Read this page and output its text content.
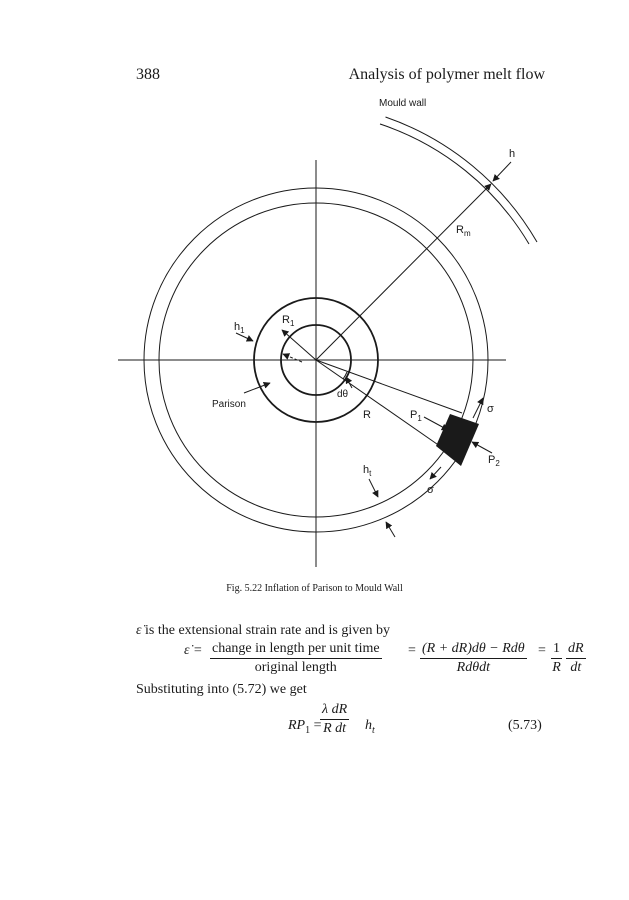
388	Analysis of polymer melt flow
Mould wall
h
$R_m$
$h_1$
$R_1$
Parison
dθ
R	$P_1$
σ
$P_2$
σ
$h_t$
Fig. 5.22 Inflation of Parison to Mould Wall
ε̇ is the extensional strain rate and is given by
ε̇ = change in length per unit time
original length
= (R + dR)dθ − Rdθ
Rdθdt
= $\frac{1}{R} \frac{dR}{dt}$
Substituting into (5.72) we get
$RP_1$ =
$\frac{\text{λ dR}}{\text{R dt}} h_t$	(5.73)
